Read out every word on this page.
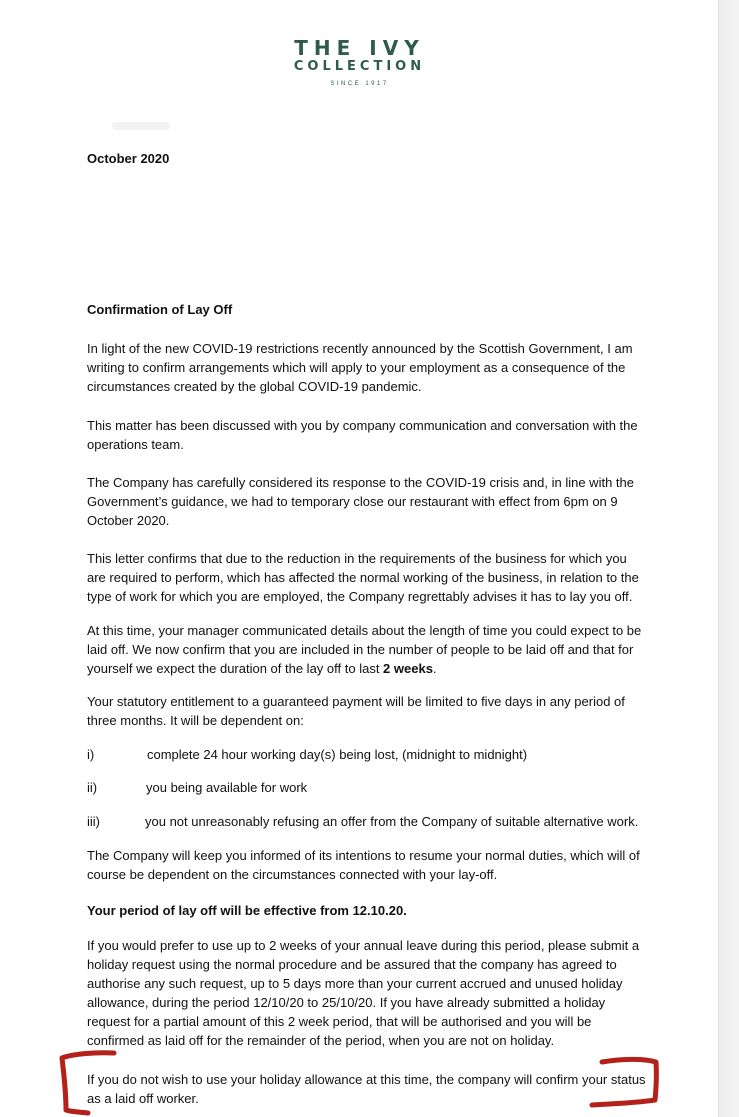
THE IVY
COLLECTION
SINCE 1917
October 2020
Confirmation of Lay Off
In light of the new COVID-19 restrictions recently announced by the Scottish Government, I am
writing to confirm arrangements which will apply to your employment as a consequence of the
circumstances created by the global COVID-19 pandemic.
This matter has been discussed with you by company communication and conversation with the
operations team.
The Company has carefully considered its response to the COVID-19 crisis and, in line with the
Government’s guidance, we had to temporary close our restaurant with effect from 6pm on 9
October 2020.
This letter confirms that due to the reduction in the requirements of the business for which you
are required to perform, which has affected the normal working of the business, in relation to the
type of work for which you are employed, the Company regrettably advises it has to lay you off.
At this time, your manager communicated details about the length of time you could expect to be
laid off. We now confirm that you are included in the number of people to be laid off and that for
yourself we expect the duration of the lay off to last 2 weeks.
Your statutory entitlement to a guaranteed payment will be limited to five days in any period of
three months. It will be dependent on:
i)	complete 24 hour working day(s) being lost, (midnight to midnight)
ii)	you being available for work
iii)	you not unreasonably refusing an offer from the Company of suitable alternative work.
The Company will keep you informed of its intentions to resume your normal duties, which will of
course be dependent on the circumstances connected with your lay-off.
Your period of lay off will be effective from 12.10.20.
If you would prefer to use up to 2 weeks of your annual leave during this period, please submit a
holiday request using the normal procedure and be assured that the company has agreed to
authorise any such request, up to 5 days more than your current accrued and unused holiday
allowance, during the period 12/10/20 to 25/10/20. If you have already submitted a holiday
request for a partial amount of this 2 week period, that will be authorised and you will be
confirmed as laid off for the remainder of the period, when you are not on holiday.
If you do not wish to use your holiday allowance at this time, the company will confirm your status
as a laid off worker.
